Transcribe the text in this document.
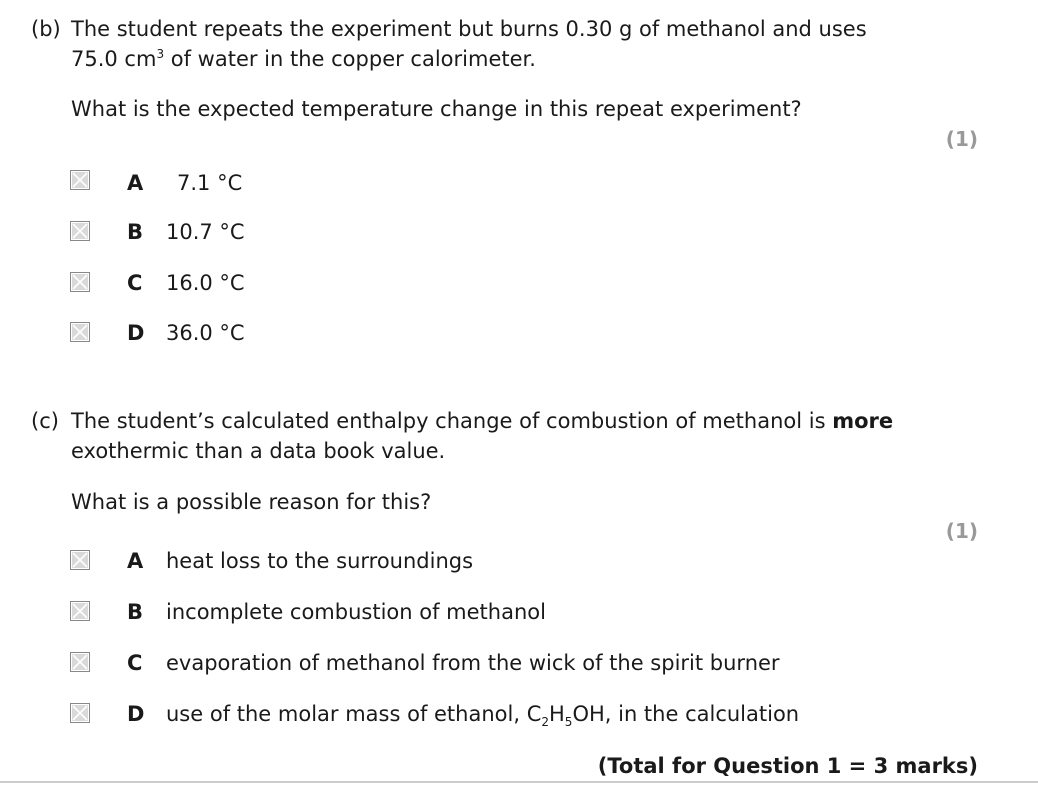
(b) The student repeats the experiment but burns 0.30 g of methanol and uses
75.0 $cm^3$ of water in the copper calorimeter.
What is the expected temperature change in this repeat experiment?
(1)
A 7.1 °C
B 10.7 °C
C 16.0 °C
D 36.0 °C
(c) The student’s calculated enthalpy change of combustion of methanol is more
exothermic than a data book value.
What is a possible reason for this?
(1)
A heat loss to the surroundings
B incomplete combustion of methanol
C evaporation of methanol from the wick of the spirit burner
D use of the molar mass of ethanol, $C_2H_5OH$, in the calculation
(Total for Question 1 = 3 marks)
